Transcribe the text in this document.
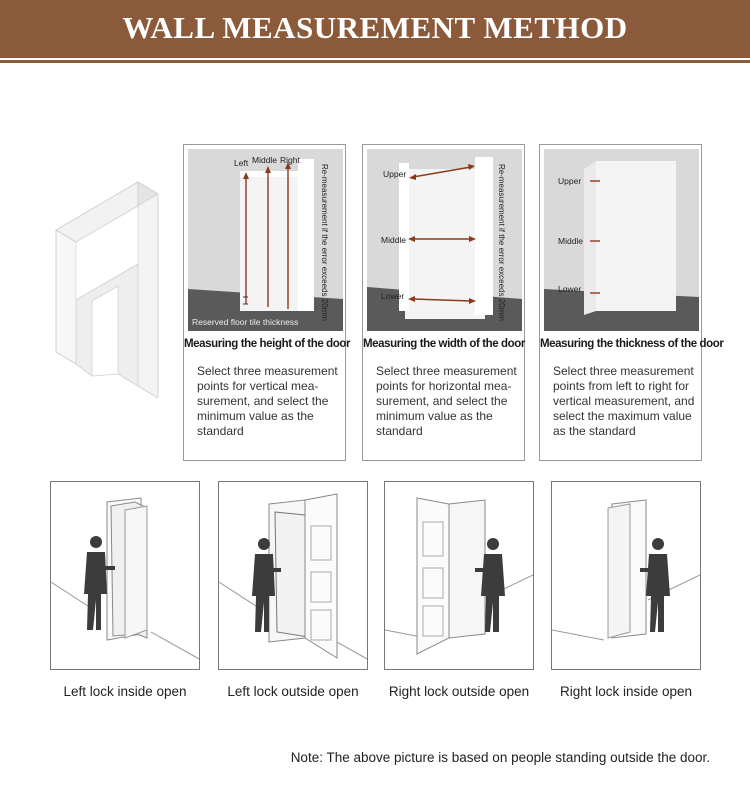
WALL MEASUREMENT METHOD
Left Middle Right
Reserved floor tile thickness
Re-measurement if the error exceeds 20mm
Measuring the height of the door
Select three measurement points for vertical mea-surement, and select the minimum value as the standard
Upper
Middle
Lower	Re-measurement if the error exceeds 20mm
Measuring the width of the door
Select three measurement points for horizontal mea-surement, and select the minimum value as the standard
Upper
Middle
Lower
Measuring the thickness of the door
Select three measurement points from left to right for vertical measurement, and select the maximum value as the standard
Left lock inside open	Left lock outside open	Right lock outside open	Right lock inside open
Note: The above picture is based on people standing outside the door.
